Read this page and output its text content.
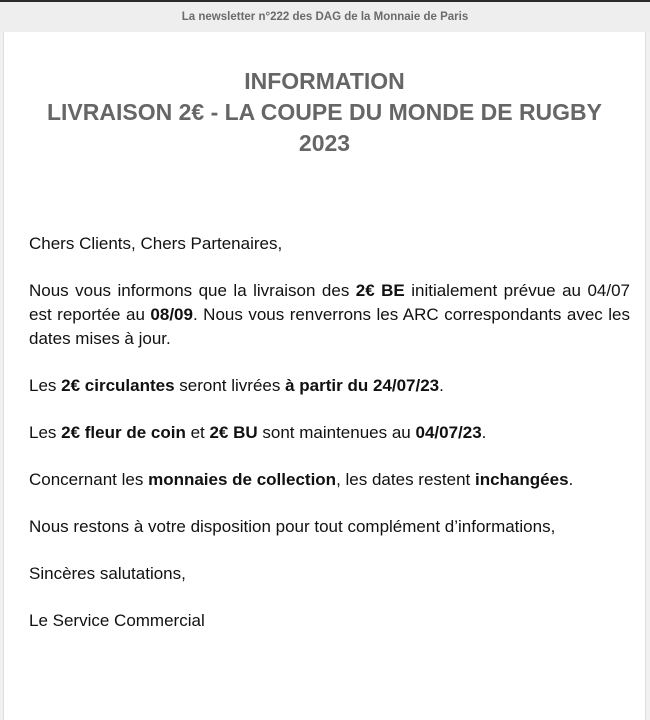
La newsletter n°222 des DAG de la Monnaie de Paris
INFORMATION
LIVRAISON 2€ - LA COUPE DU MONDE DE RUGBY
2023

Chers Clients, Chers Partenaires,

Nous vous informons que la livraison des 2€ BE initialement prévue au 04/07 est reportée au 08/09. Nous vous renverrons les ARC correspondants avec les dates mises à jour.

Les 2€ circulantes seront livrées à partir du 24/07/23.

Les 2€ fleur de coin et 2€ BU sont maintenues au 04/07/23.

Concernant les monnaies de collection, les dates restent inchangées.

Nous restons à votre disposition pour tout complément d’informations,

Sincères salutations,

Le Service Commercial
